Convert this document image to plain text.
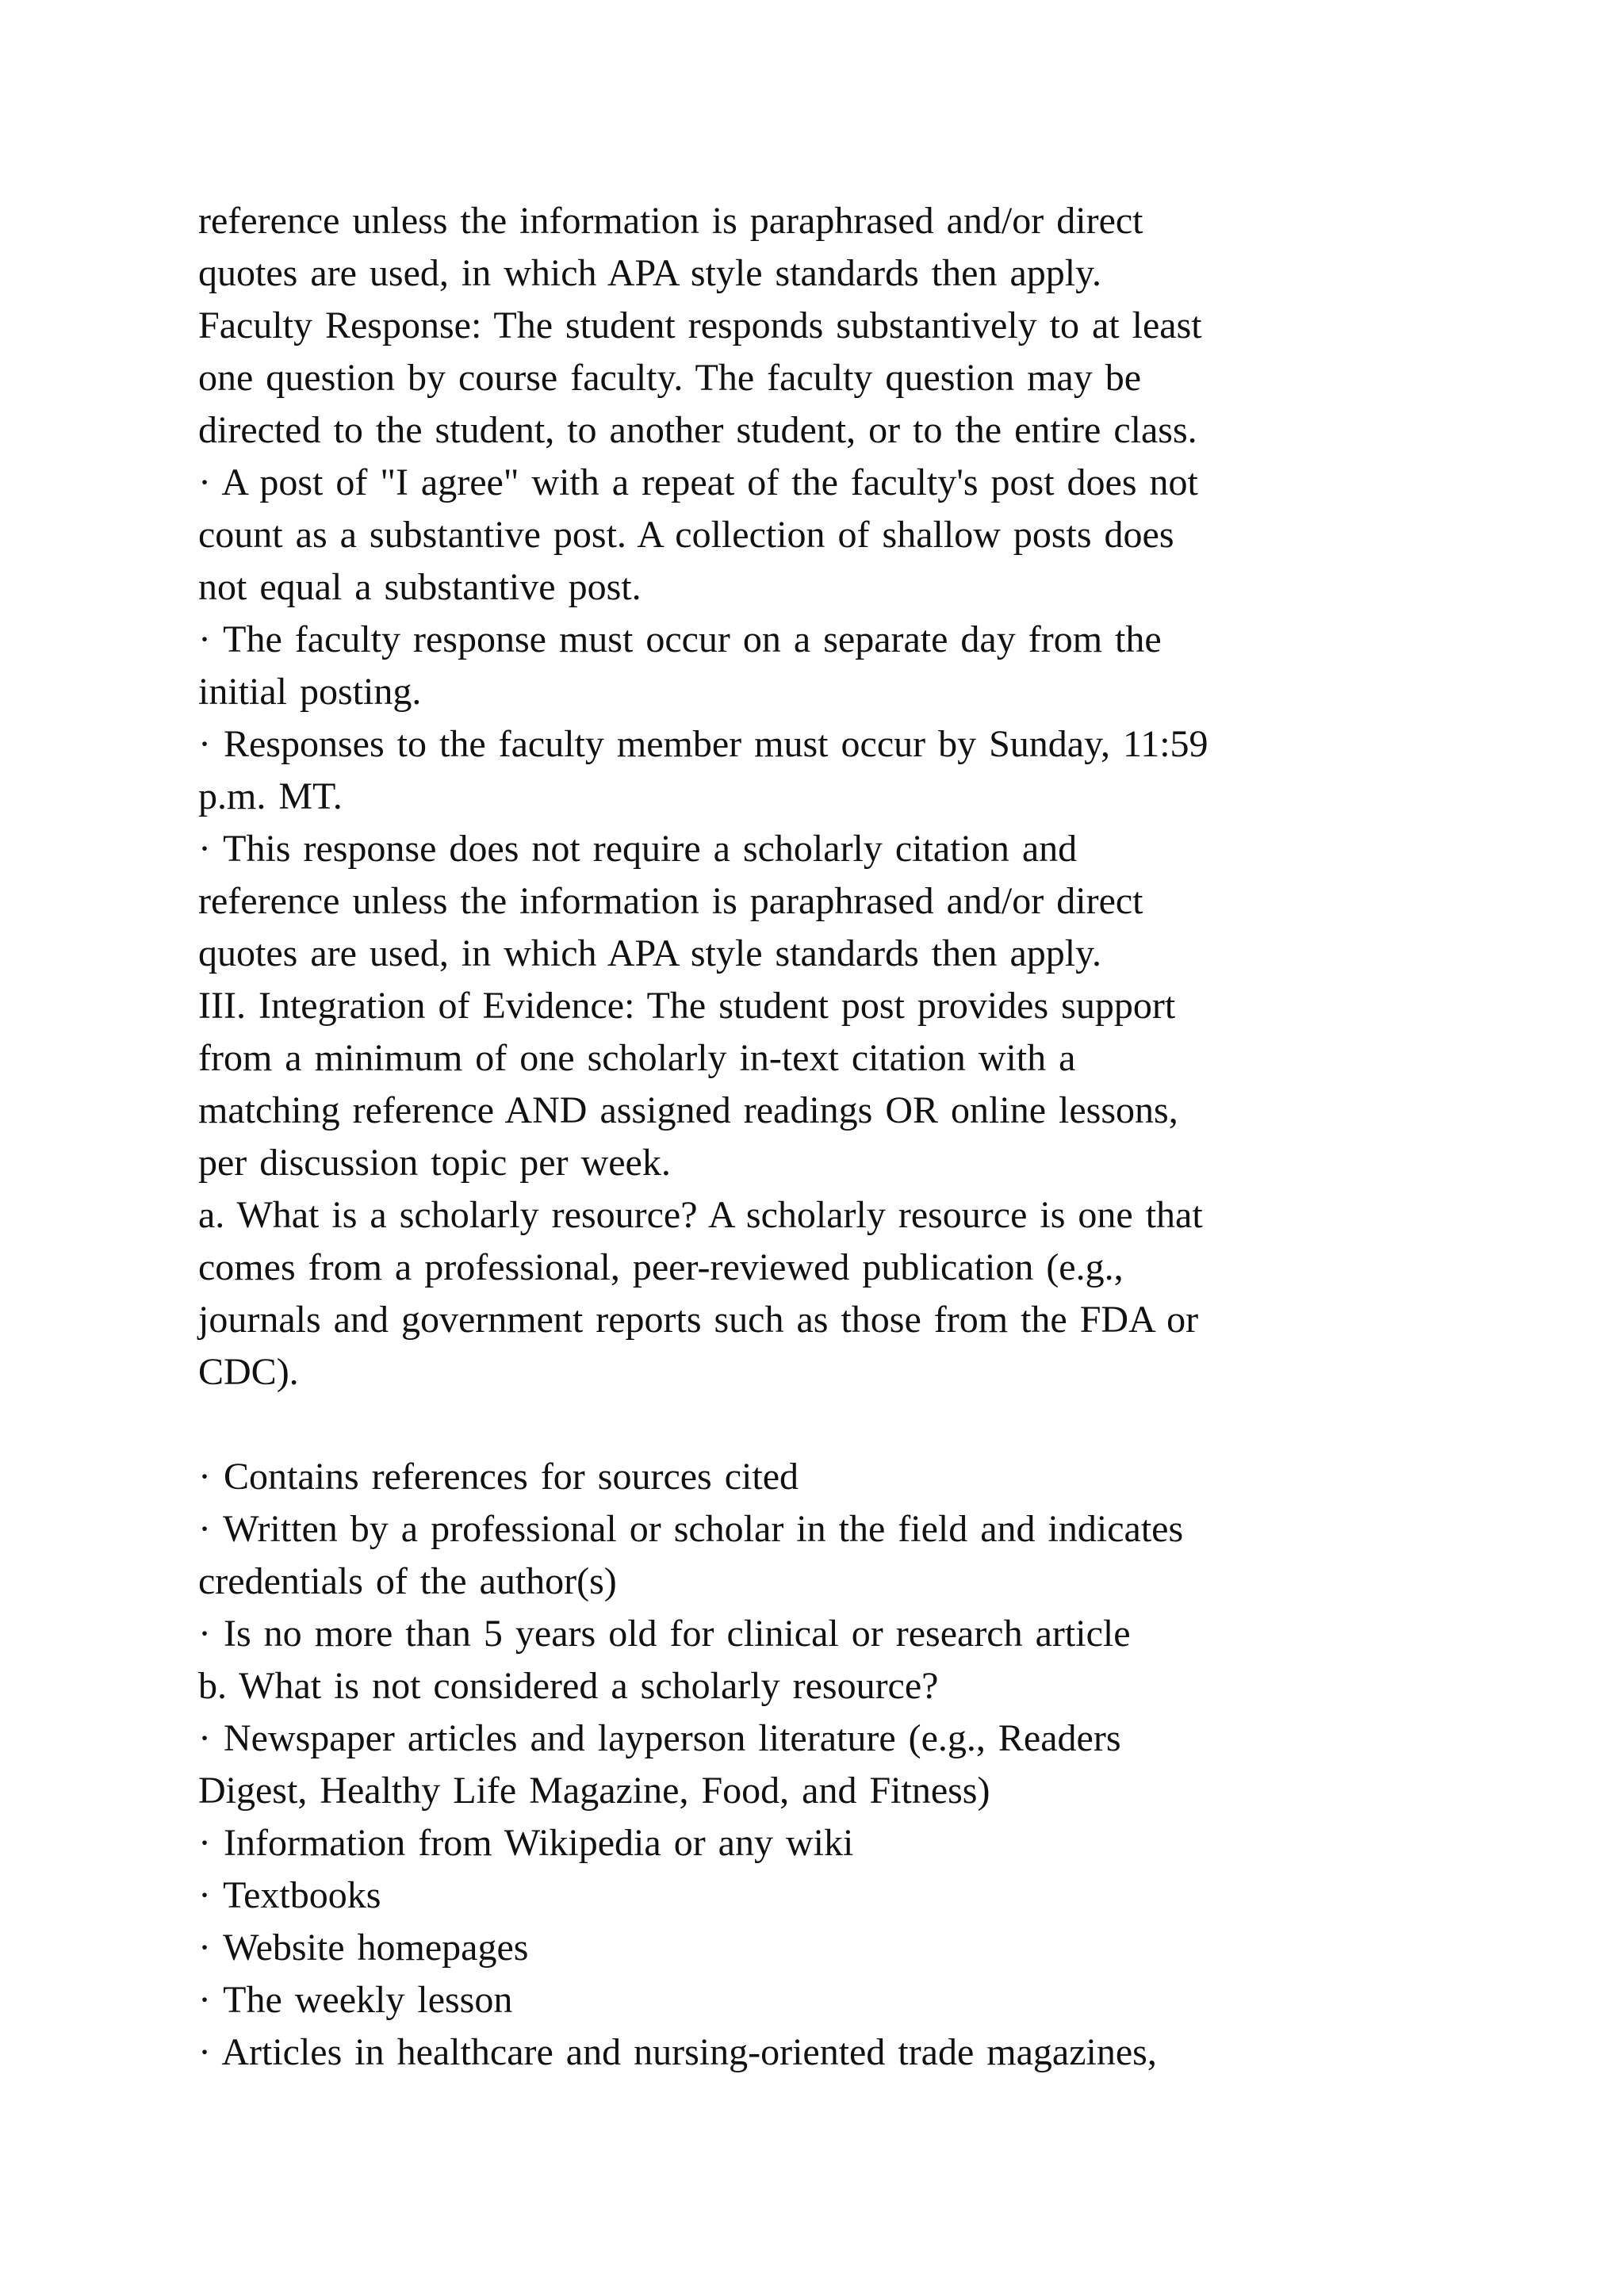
reference unless the information is paraphrased and/or direct
quotes are used, in which APA style standards then apply.
Faculty Response: The student responds substantively to at least
one question by course faculty. The faculty question may be
directed to the student, to another student, or to the entire class.
· A post of "I agree" with a repeat of the faculty's post does not
count as a substantive post. A collection of shallow posts does
not equal a substantive post.
· The faculty response must occur on a separate day from the
initial posting.
· Responses to the faculty member must occur by Sunday, 11:59
p.m. MT.
· This response does not require a scholarly citation and
reference unless the information is paraphrased and/or direct
quotes are used, in which APA style standards then apply.
III. Integration of Evidence: The student post provides support
from a minimum of one scholarly in-text citation with a
matching reference AND assigned readings OR online lessons,
per discussion topic per week.
a. What is a scholarly resource? A scholarly resource is one that
comes from a professional, peer-reviewed publication (e.g.,
journals and government reports such as those from the FDA or
CDC).
· Contains references for sources cited
· Written by a professional or scholar in the field and indicates
credentials of the author(s)
· Is no more than 5 years old for clinical or research article
b. What is not considered a scholarly resource?
· Newspaper articles and layperson literature (e.g., Readers
Digest, Healthy Life Magazine, Food, and Fitness)
· Information from Wikipedia or any wiki
· Textbooks
· Website homepages
· The weekly lesson
· Articles in healthcare and nursing-oriented trade magazines,
